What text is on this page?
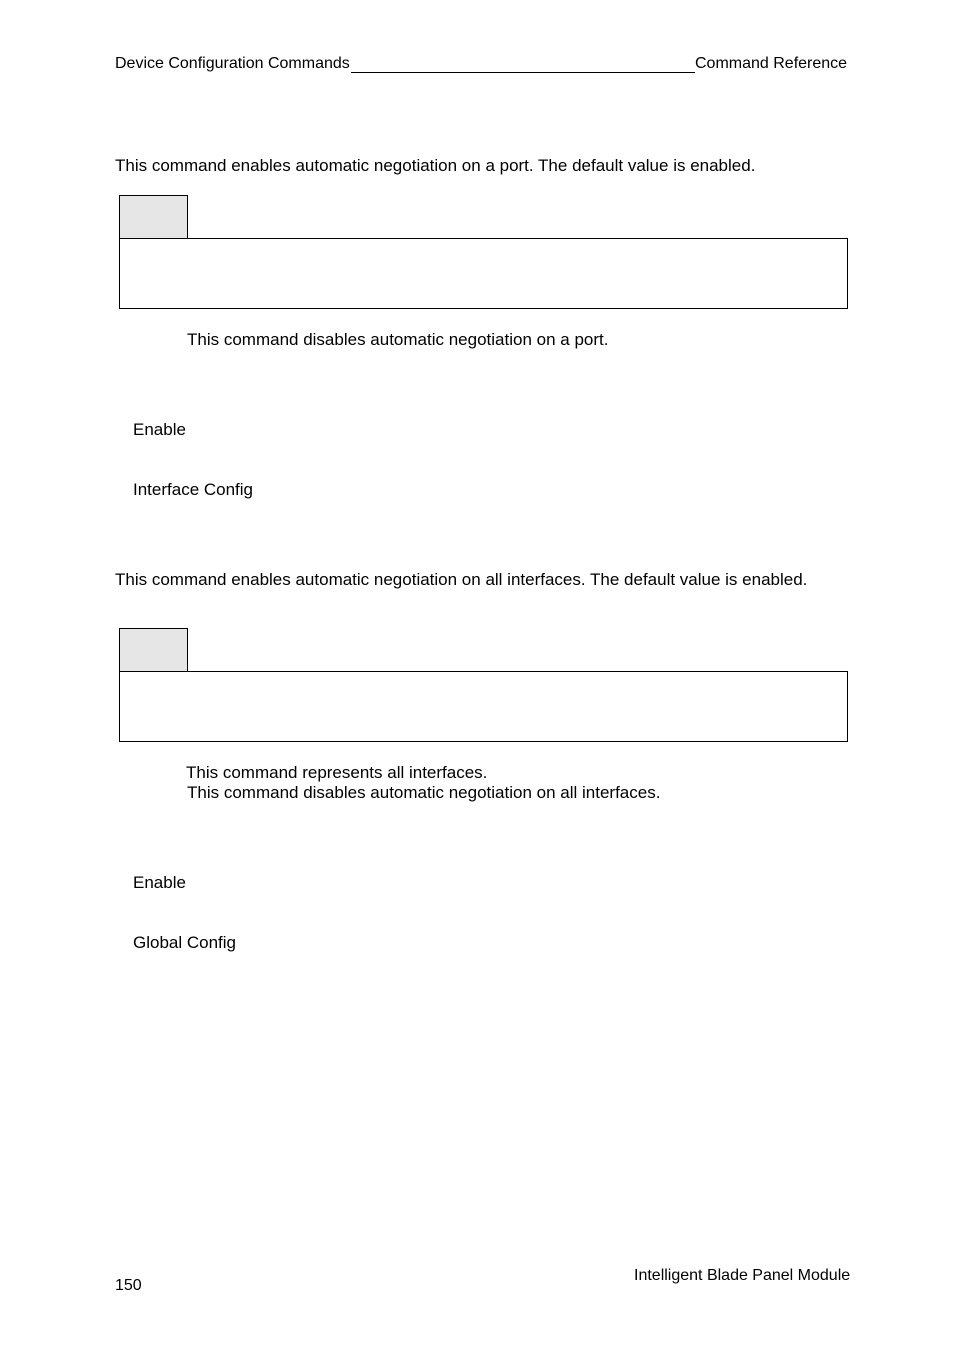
Device Configuration Commands	Command Reference
This command enables automatic negotiation on a port. The default value is enabled.
This command disables automatic negotiation on a port.
Enable
Interface Config
This command enables automatic negotiation on all interfaces. The default value is enabled.
This command represents all interfaces.
This command disables automatic negotiation on all interfaces.
Enable
Global Config
150
Intelligent Blade Panel Module
